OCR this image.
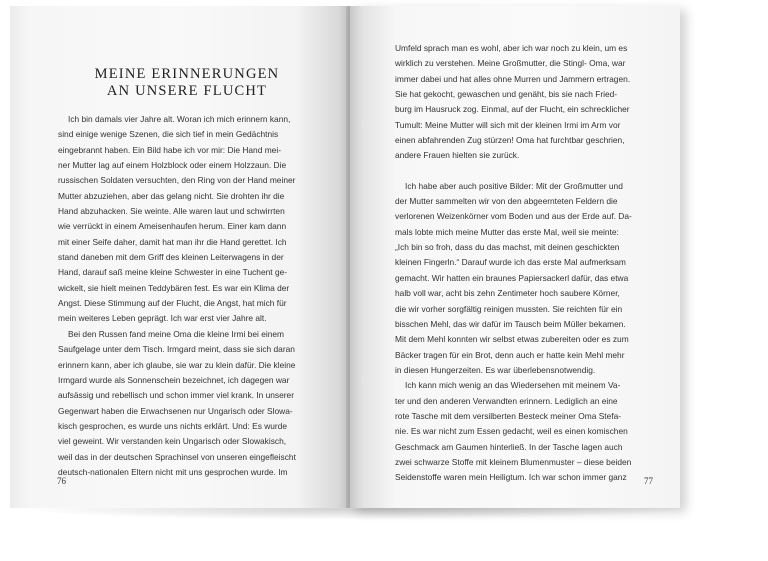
MEINE ERINNERUNGEN
AN UNSERE FLUCHT

Ich bin damals vier Jahre alt. Woran ich mich erinnern kann,
sind einige wenige Szenen, die sich tief in mein Gedächtnis
eingebrannt haben. Ein Bild habe ich vor mir: Die Hand mei-
ner Mutter lag auf einem Holzblock oder einem Holzzaun. Die
russischen Soldaten versuchten, den Ring von der Hand meiner
Mutter abzuziehen, aber das gelang nicht. Sie drohten ihr die
Hand abzuhacken. Sie weinte. Alle waren laut und schwirrten
wie verrückt in einem Ameisenhaufen herum. Einer kam dann
mit einer Seife daher, damit hat man ihr die Hand gerettet. Ich
stand daneben mit dem Griff des kleinen Leiterwagens in der
Hand, darauf saß meine kleine Schwester in eine Tuchent ge-
wickelt, sie hielt meinen Teddybären fest. Es war ein Klima der
Angst. Diese Stimmung auf der Flucht, die Angst, hat mich für
mein weiteres Leben geprägt. Ich war erst vier Jahre alt.

Bei den Russen fand meine Oma die kleine Irmi bei einem
Saufgelage unter dem Tisch. Irmgard meint, dass sie sich daran
erinnern kann, aber ich glaube, sie war zu klein dafür. Die kleine
Irmgard wurde als Sonnenschein bezeichnet, ich dagegen war
aufsässig und rebellisch und schon immer viel krank. In unserer
Gegenwart haben die Erwachsenen nur Ungarisch oder Slowa-
kisch gesprochen, es wurde uns nichts erklärt. Und: Es wurde
viel geweint. Wir verstanden kein Ungarisch oder Slowakisch,
weil das in der deutschen Sprachinsel von unseren eingefleischt
deutsch-nationalen Eltern nicht mit uns gesprochen wurde. Im

76

Umfeld sprach man es wohl, aber ich war noch zu klein, um es
wirklich zu verstehen. Meine Großmutter, die Stingl- Oma, war
immer dabei und hat alles ohne Murren und Jammern ertragen.
Sie hat gekocht, gewaschen und genäht, bis sie nach Fried-
burg im Hausruck zog. Einmal, auf der Flucht, ein schrecklicher
Tumult: Meine Mutter will sich mit der kleinen Irmi im Arm vor
einen abfahrenden Zug stürzen! Oma hat furchtbar geschrien,
andere Frauen hielten sie zurück.

Ich habe aber auch positive Bilder: Mit der Großmutter und
der Mutter sammelten wir von den abgeernteten Feldern die
verlorenen Weizenkörner vom Boden und aus der Erde auf. Da-
mals lobte mich meine Mutter das erste Mal, weil sie meinte:
„Ich bin so froh, dass du das machst, mit deinen geschickten
kleinen Fingerln.“ Darauf wurde ich das erste Mal aufmerksam
gemacht. Wir hatten ein braunes Papiersackerl dafür, das etwa
halb voll war, acht bis zehn Zentimeter hoch saubere Körner,
die wir vorher sorgfältig reinigen mussten. Sie reichten für ein
bisschen Mehl, das wir dafür im Tausch beim Müller bekamen.
Mit dem Mehl konnten wir selbst etwas zubereiten oder es zum
Bäcker tragen für ein Brot, denn auch er hatte kein Mehl mehr
in diesen Hungerzeiten. Es war überlebensnotwendig.

Ich kann mich wenig an das Wiedersehen mit meinem Va-
ter und den anderen Verwandten erinnern. Lediglich an eine
rote Tasche mit dem versilberten Besteck meiner Oma Stefa-
nie. Es war nicht zum Essen gedacht, weil es einen komischen
Geschmack am Gaumen hinterließ. In der Tasche lagen auch
zwei schwarze Stoffe mit kleinem Blumenmuster – diese beiden
Seidenstoffe waren mein Heiligtum. Ich war schon immer ganz	77
